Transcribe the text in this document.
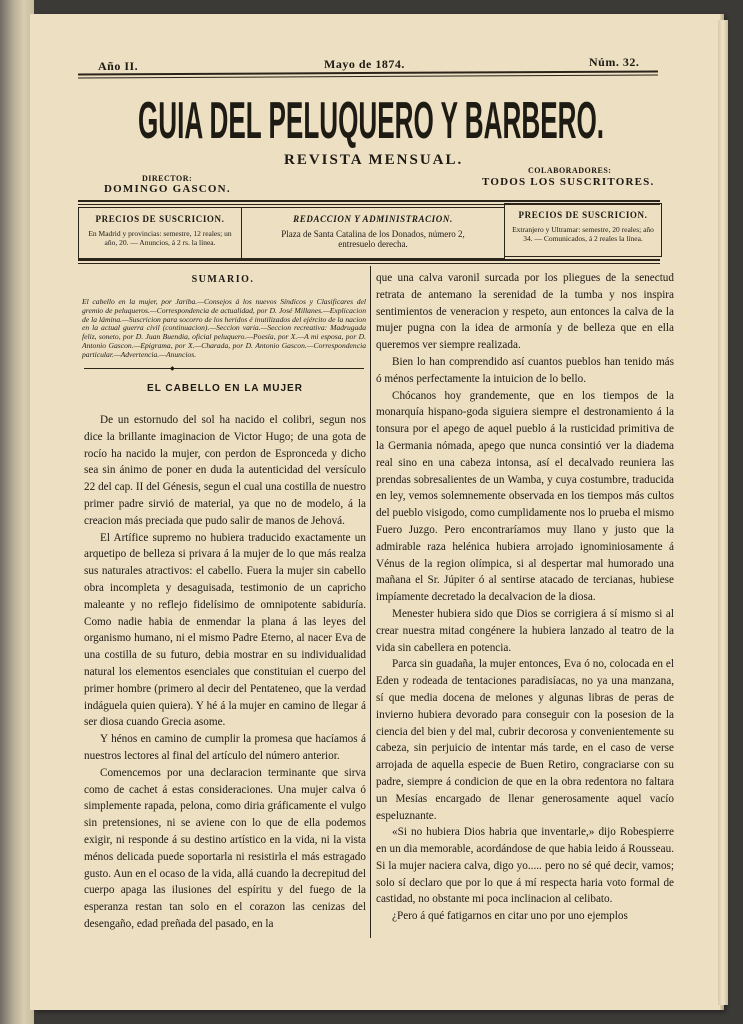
Año II.	Mayo de 1874.	Núm. 32.
GUIA DEL PELUQUERO Y BARBERO.
REVISTA MENSUAL.
DIRECTOR:
DOMINGO GASCON.
COLABORADORES:
TODOS LOS SUSCRITORES.
PRECIOS DE SUSCRICION.
En Madrid y provincias: semestre, 12 reales; un año, 20. — Anuncios, á 2 rs. la línea.
REDACCION Y ADMINISTRACION.
Plaza de Santa Catalina de los Donados, número 2, entresuelo derecha.
PRECIOS DE SUSCRICION.
Extranjero y Ultramar: semestre, 20 reales; año 34. — Comunicados, á 2 reales la línea.
SUMARIO.
El cabello en la mujer, por Jariba.—Consejos á los nuevos Síndicos y Clasificares del gremio de peluqueros.—Correspondencia de actualidad, por D. José Millanes.—Explicacion de la lámina.—Suscricion para socorro de los heridos é inutilizados del ejército de la nacion en la actual guerra civil (continuacion).—Seccion varia.—Seccion recreativa: Madrugada feliz, soneto, por D. Juan Buendia, oficial peluquero.—Poesía, por X.—A mi esposa, por D. Antonio Gascon.—Epigrama, por X.—Charada, por D. Antonio Gascon.—Correspondencia particular.—Advertencia.—Anuncios.
◆
EL CABELLO EN LA MUJER

De un estornudo del sol ha nacido el colibri, segun nos dice la brillante imaginacion de Victor Hugo; de una gota de rocío ha nacido la mujer, con perdon de Espronceda y dicho sea sin ánimo de poner en duda la autenticidad del versículo 22 del cap. II del Génesis, segun el cual una costilla de nuestro primer padre sirvió de material, ya que no de modelo, á la creacion más preciada que pudo salir de manos de Jehová.

El Artífice supremo no hubiera traducido exactamente un arquetipo de belleza si privara á la mujer de lo que más realza sus naturales atractivos: el cabello. Fuera la mujer sin cabello obra incompleta y desaguisada, testimonio de un capricho maleante y no reflejo fidelísimo de omnipotente sabiduría. Como nadie habia de enmendar la plana á las leyes del organismo humano, ni el mismo Padre Eterno, al nacer Eva de una costilla de su futuro, debia mostrar en su individualidad natural los elementos esenciales que constituian el cuerpo del primer hombre (primero al decir del Pentateneo, que la verdad indáguela quien quiera). Y hé á la mujer en camino de llegar á ser diosa cuando Grecia asome.

Y hénos en camino de cumplir la promesa que hacíamos á nuestros lectores al final del artículo del número anterior.

Comencemos por una declaracion terminante que sirva como de cachet á estas consideraciones. Una mujer calva ó simplemente rapada, pelona, como diria gráficamente el vulgo sin pretensiones, ni se aviene con lo que de ella podemos exigir, ni responde á su destino artístico en la vida, ni la vista ménos delicada puede soportarla ni resistirla el más estragado gusto. Aun en el ocaso de la vida, allá cuando la decrepitud del cuerpo apaga las ilusiones del espíritu y del fuego de la esperanza restan tan solo en el corazon las cenizas del desengaño, edad preñada del pasado, en la

que una calva varonil surcada por los pliegues de la senectud retrata de antemano la serenidad de la tumba y nos inspira sentimientos de veneracion y respeto, aun entonces la calva de la mujer pugna con la idea de armonía y de belleza que en ella queremos ver siempre realizada.

Bien lo han comprendido así cuantos pueblos han tenido más ó ménos perfectamente la intuicion de lo bello.

Chócanos hoy grandemente, que en los tiempos de la monarquía hispano-goda siguiera siempre el destronamiento á la tonsura por el apego de aquel pueblo á la rusticidad primitiva de la Germania nómada, apego que nunca consintió ver la diadema real sino en una cabeza intonsa, así el decalvado reuniera las prendas sobresalientes de un Wamba, y cuya costumbre, traducida en ley, vemos solemnemente observada en los tiempos más cultos del pueblo visigodo, como cumplidamente nos lo prueba el mismo Fuero Juzgo. Pero encontraríamos muy llano y justo que la admirable raza helénica hubiera arrojado ignominiosamente á Vénus de la region olímpica, si al despertar mal humorado una mañana el Sr. Júpiter ó al sentirse atacado de tercianas, hubiese impíamente decretado la decalvacion de la diosa.

Menester hubiera sido que Dios se corrigiera á sí mismo si al crear nuestra mitad congénere la hubiera lanzado al teatro de la vida sin cabellera en potencia.

Parca sin guadaña, la mujer entonces, Eva ó no, colocada en el Eden y rodeada de tentaciones paradisíacas, no ya una manzana, sí que media docena de melones y algunas libras de peras de invierno hubiera devorado para conseguir con la posesion de la ciencia del bien y del mal, cubrir decorosa y convenientemente su cabeza, sin perjuicio de intentar más tarde, en el caso de verse arrojada de aquella especie de Buen Retiro, congraciarse con su padre, siempre á condicion de que en la obra redentora no faltara un Mesías encargado de llenar generosamente aquel vacío espeluznante.

«Si no hubiera Dios habria que inventarle,» dijo Robespierre en un dia memorable, acordándose de que habia leido á Rousseau. Si la mujer naciera calva, digo yo..... pero no sé qué decir, vamos; solo sí declaro que por lo que á mí respecta haria voto formal de castidad, no obstante mi poca inclinacion al celibato.

¿Pero á qué fatigarnos en citar uno por uno ejemplos
